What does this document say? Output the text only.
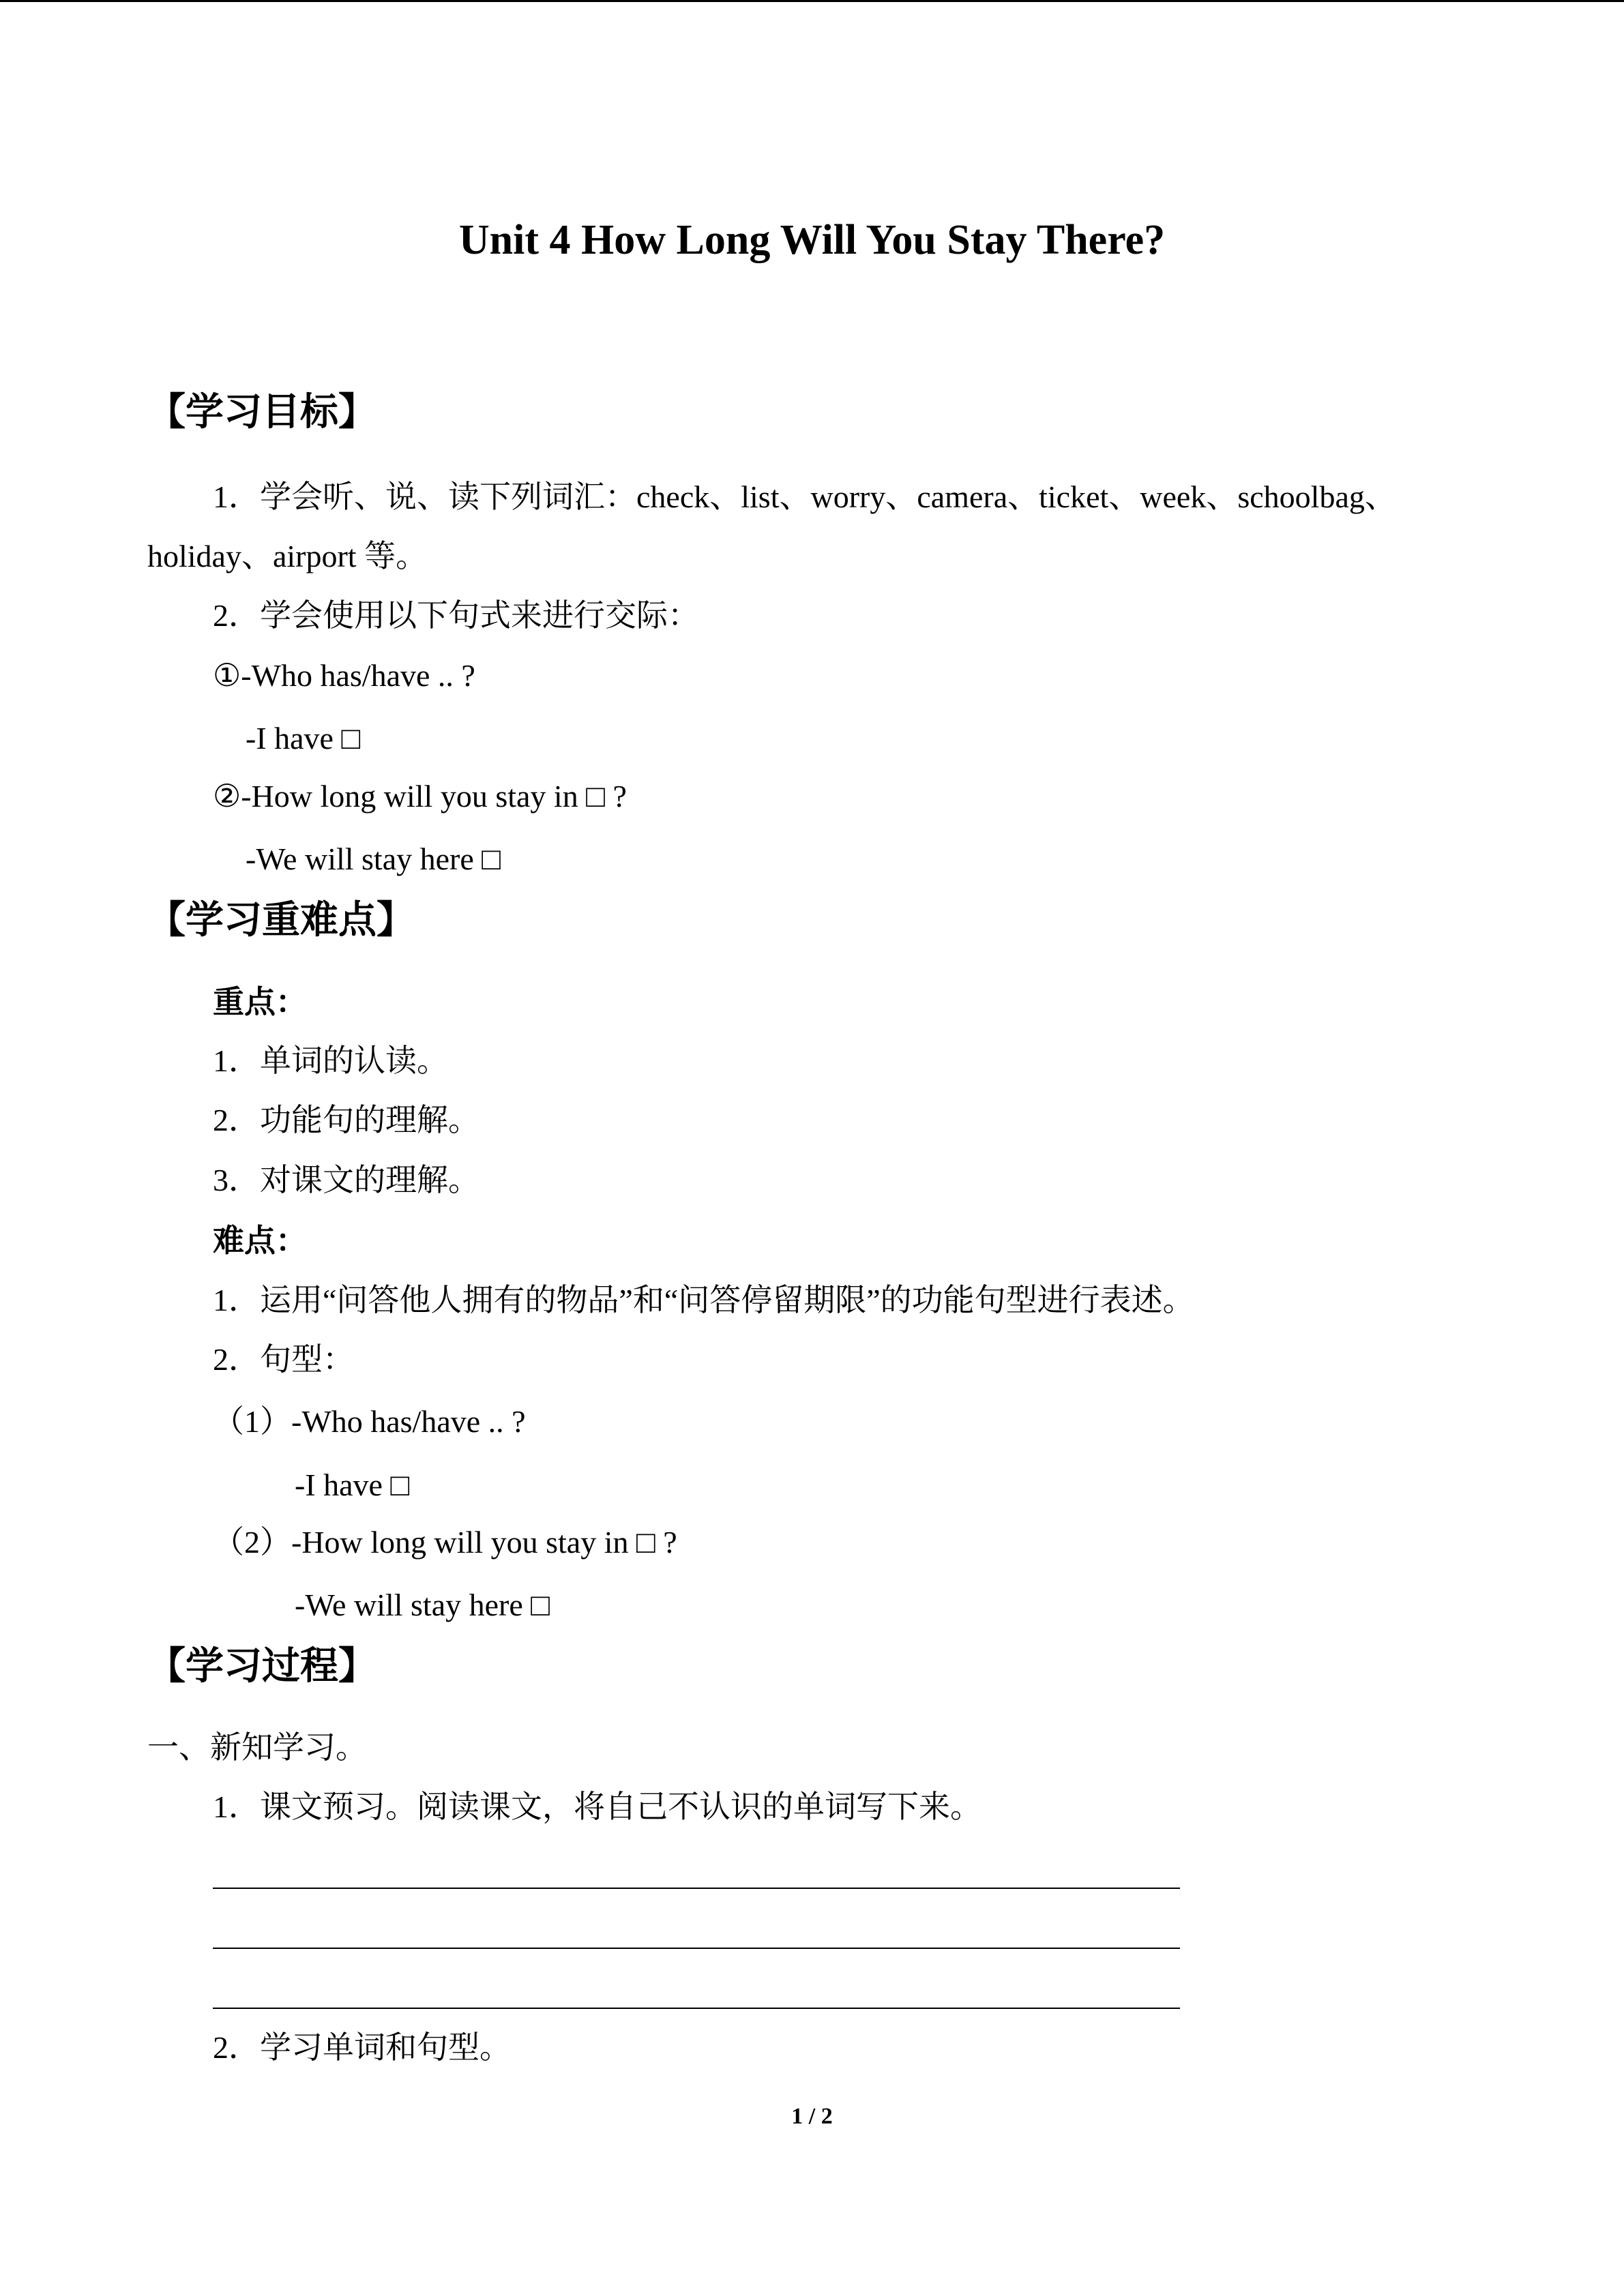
Unit 4 How Long Will You Stay There?
【学习目标】
1．学会听、说、读下列词汇：check、list、worry、camera、ticket、week、schoolbag、
holiday、airport 等。
2．学会使用以下句式来进行交际：
①-Who has/have .. ?
-I have □
②-How long will you stay in □ ?
-We will stay here □
【学习重难点】
重点：
1．单词的认读。
2．功能句的理解。
3．对课文的理解。
难点：
1．运用“问答他人拥有的物品”和“问答停留期限”的功能句型进行表述。
2．句型：
（1）-Who has/have .. ?
-I have □
（2）-How long will you stay in □ ?
-We will stay here □
【学习过程】
一、新知学习。
1．课文预习。阅读课文，将自己不认识的单词写下来。
2．学习单词和句型。
1 / 2
